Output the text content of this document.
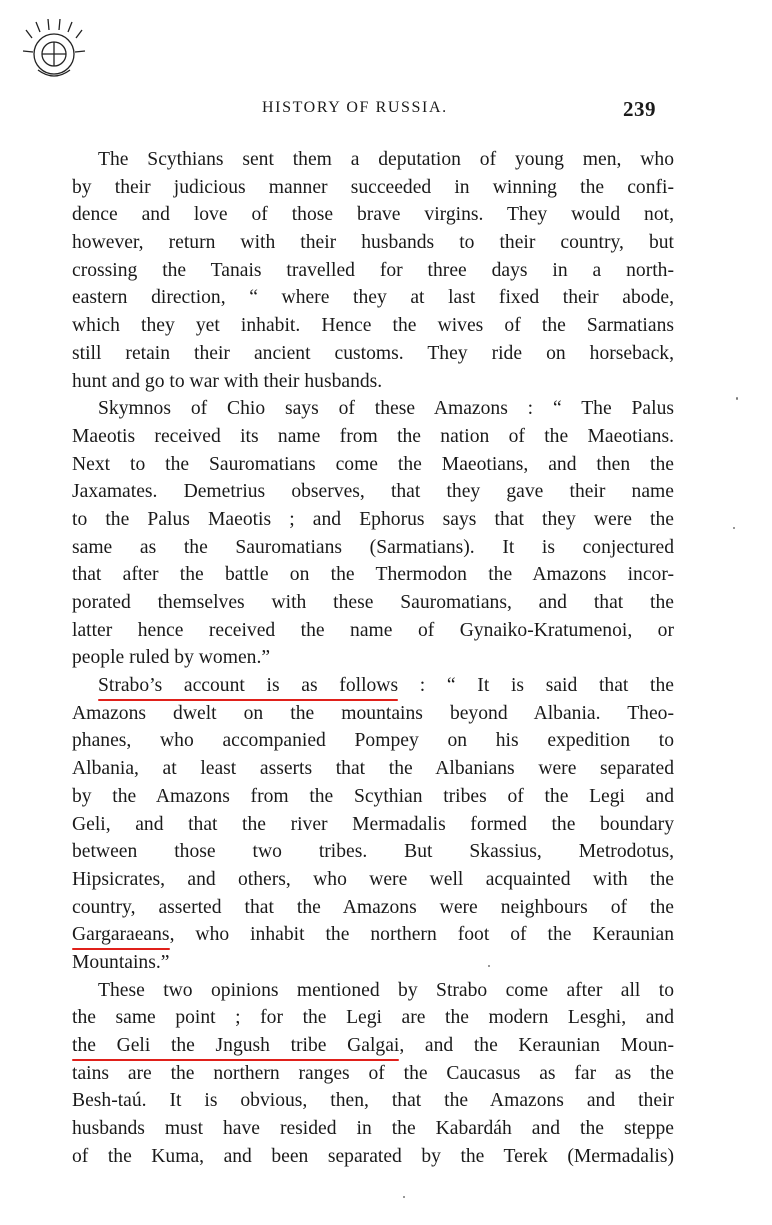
HISTORY OF RUSSIA.	239
The Scythians sent them a deputation of young men, who
by their judicious manner succeeded in winning the confi-
dence and love of those brave virgins. They would not,
however, return with their husbands to their country, but
crossing the Tanais travelled for three days in a north-
eastern direction, “ where they at last fixed their abode,
which they yet inhabit. Hence the wives of the Sarmatians
still retain their ancient customs. They ride on horseback,
hunt and go to war with their husbands.
Skymnos of Chio says of these Amazons : “ The Palus
Maeotis received its name from the nation of the Maeotians.
Next to the Sauromatians come the Maeotians, and then the
Jaxamates. Demetrius observes, that they gave their name
to the Palus Maeotis ; and Ephorus says that they were the
same as the Sauromatians (Sarmatians). It is conjectured
that after the battle on the Thermodon the Amazons incor-
porated themselves with these Sauromatians, and that the
latter hence received the name of Gynaiko-Kratumenoi, or
people ruled by women.”
Strabo’s account is as follows : “ It is said that the
Amazons dwelt on the mountains beyond Albania. Theo-
phanes, who accompanied Pompey on his expedition to
Albania, at least asserts that the Albanians were separated
by the Amazons from the Scythian tribes of the Legi and
Geli, and that the river Mermadalis formed the boundary
between those two tribes. But Skassius, Metrodotus,
Hipsicrates, and others, who were well acquainted with the
country, asserted that the Amazons were neighbours of the
Gargaraeans, who inhabit the northern foot of the Keraunian
Mountains.”
These two opinions mentioned by Strabo come after all to
the same point ; for the Legi are the modern Lesghi, and
the Geli the Jngush tribe Galgai, and the Keraunian Moun-
tains are the northern ranges of the Caucasus as far as the
Besh-taú. It is obvious, then, that the Amazons and their
husbands must have resided in the Kabardáh and the steppe
of the Kuma, and been separated by the Terek (Mermadalis)
